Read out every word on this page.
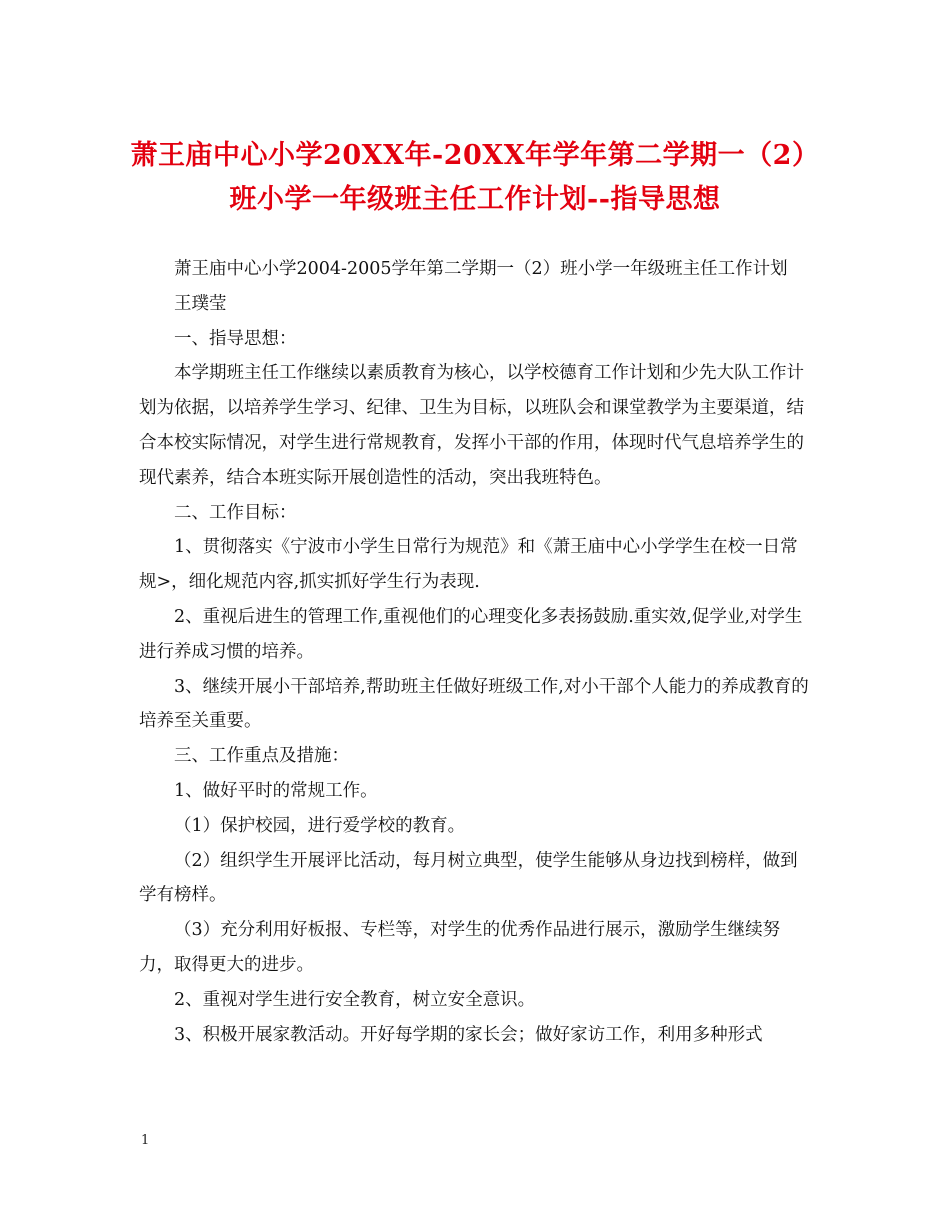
萧王庙中心小学20XX年-20XX年学年第二学期一（2）
班小学一年级班主任工作计划--指导思想

萧王庙中心小学2004-2005学年第二学期一（2）班小学一年级班主任工作计划

王璞莹

一、指导思想：

本学期班主任工作继续以素质教育为核心，以学校德育工作计划和少先大队工作计划为依据，以培养学生学习、纪律、卫生为目标，以班队会和课堂教学为主要渠道，结合本校实际情况，对学生进行常规教育，发挥小干部的作用，体现时代气息培养学生的现代素养，结合本班实际开展创造性的活动，突出我班特色。

二、工作目标：

1、贯彻落实《宁波市小学生日常行为规范》和《萧王庙中心小学学生在校一日常规>，细化规范内容,抓实抓好学生行为表现.

2、重视后进生的管理工作,重视他们的心理变化多表扬鼓励.重实效,促学业,对学生进行养成习惯的培养。

3、继续开展小干部培养,帮助班主任做好班级工作,对小干部个人能力的养成教育的培养至关重要。

三、工作重点及措施：

1、做好平时的常规工作。

（1）保护校园，进行爱学校的教育。

（2）组织学生开展评比活动，每月树立典型，使学生能够从身边找到榜样，做到学有榜样。

（3）充分利用好板报、专栏等，对学生的优秀作品进行展示，激励学生继续努力，取得更大的进步。

2、重视对学生进行安全教育，树立安全意识。

3、积极开展家教活动。开好每学期的家长会；做好家访工作，利用多种形式

1
